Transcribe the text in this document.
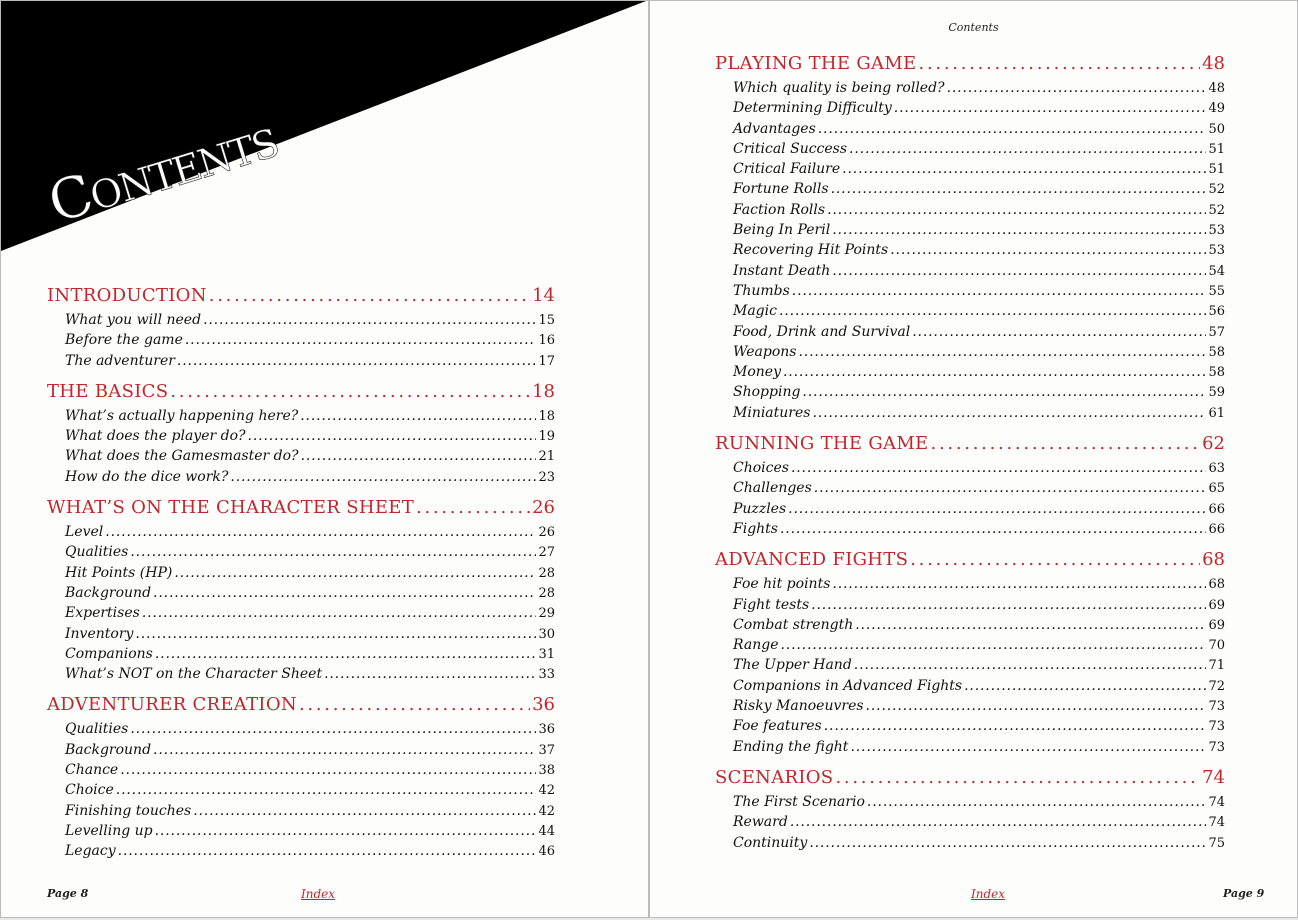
Contents
INTRODUCTION . . .	14
What you will need . . .	15
Before the game . . .	16
The adventurer . . .	17
THE BASICS . . .	18
What’s actually happening here? . . .	18
What does the player do? . . .	19
What does the Gamesmaster do? . . .	21
How do the dice work? . . .	23
WHAT’S ON THE CHARACTER SHEET . . .	26
Level . . .	26
Qualities . . .	27
Hit Points (HP) . . .	28
Background . . .	28
Expertises . . .	29
Inventory . . .	30
Companions . . .	31
What’s NOT on the Character Sheet . . .	33
ADVENTURER CREATION . . .	36
Qualities . . .	36
Background . . .	37
Chance . . .	38
Choice . . .	42
Finishing touches . . .	42
Levelling up . . .	44
Legacy . . .	46
Page 8	Index
Contents
Index	Page 9
PLAYING THE GAME . . .	48
Which quality is being rolled? . . .	48
Determining Difficulty . . .	49
Advantages . . .	50
Critical Success . . .	51
Critical Failure . . .	51
Fortune Rolls . . .	52
Faction Rolls . . .	52
Being In Peril . . .	53
Recovering Hit Points . . .	53
Instant Death . . .	54
Thumbs . . .	55
Magic . . .	56
Food, Drink and Survival . . .	57
Weapons . . .	58
Money . . .	58
Shopping . . .	59
Miniatures . . .	61
RUNNING THE GAME . . .	62
Choices . . .	63
Challenges . . .	65
Puzzles . . .	66
Fights . . .	66
ADVANCED FIGHTS . . .	68
Foe hit points . . .	68
Fight tests . . .	69
Combat strength . . .	69
Range . . .	70
The Upper Hand . . .	71
Companions in Advanced Fights . . .	72
Risky Manoeuvres . . .	73
Foe features . . .	73
Ending the fight . . .	73
SCENARIOS . . .	74
The First Scenario . . .	74
Reward . . .	74
Continuity . . .	75
